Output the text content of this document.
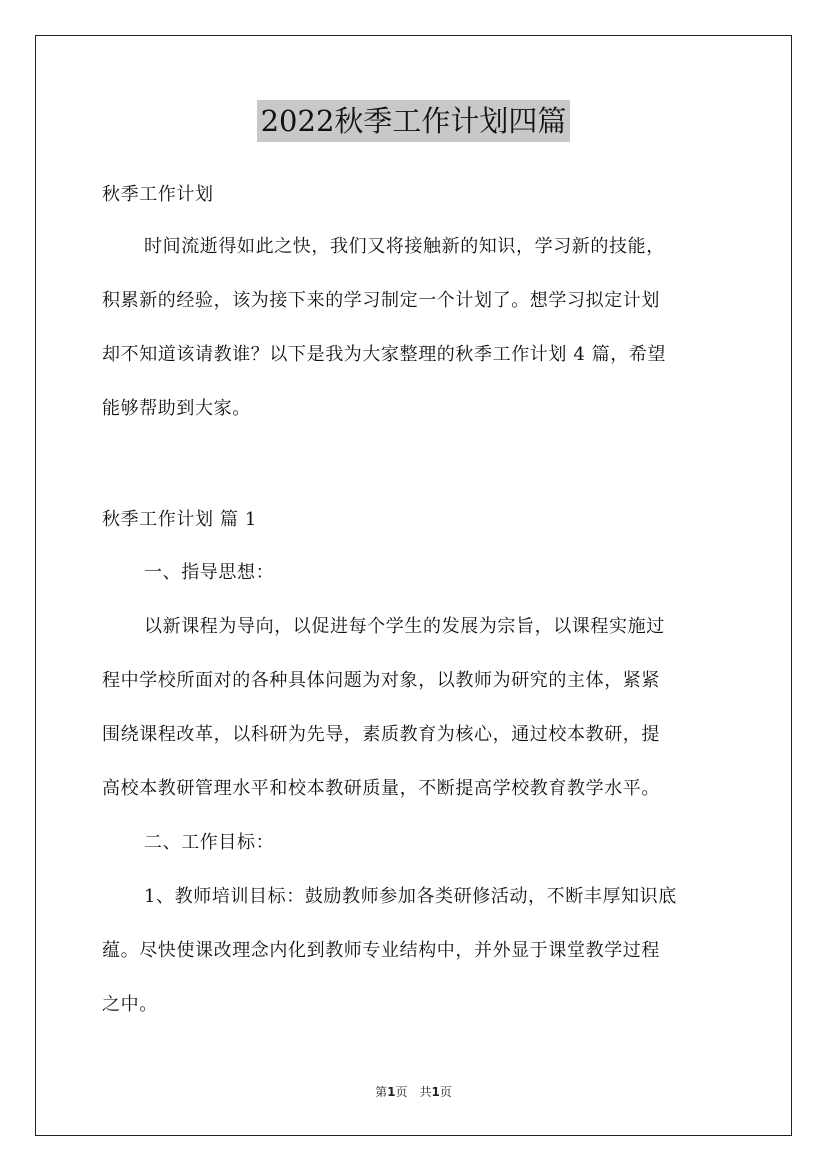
2022秋季工作计划四篇
秋季工作计划
时间流逝得如此之快，我们又将接触新的知识，学习新的技能，
积累新的经验，该为接下来的学习制定一个计划了。想学习拟定计划
却不知道该请教谁？以下是我为大家整理的秋季工作计划 4 篇，希望
能够帮助到大家。
秋季工作计划 篇 1
一、指导思想：
以新课程为导向，以促进每个学生的发展为宗旨，以课程实施过
程中学校所面对的各种具体问题为对象，以教师为研究的主体，紧紧
围绕课程改革，以科研为先导，素质教育为核心，通过校本教研，提
高校本教研管理水平和校本教研质量，不断提高学校教育教学水平。
二、工作目标：
1、教师培训目标：鼓励教师参加各类研修活动，不断丰厚知识底
蕴。尽快使课改理念内化到教师专业结构中，并外显于课堂教学过程
之中。
第1页　共1页
